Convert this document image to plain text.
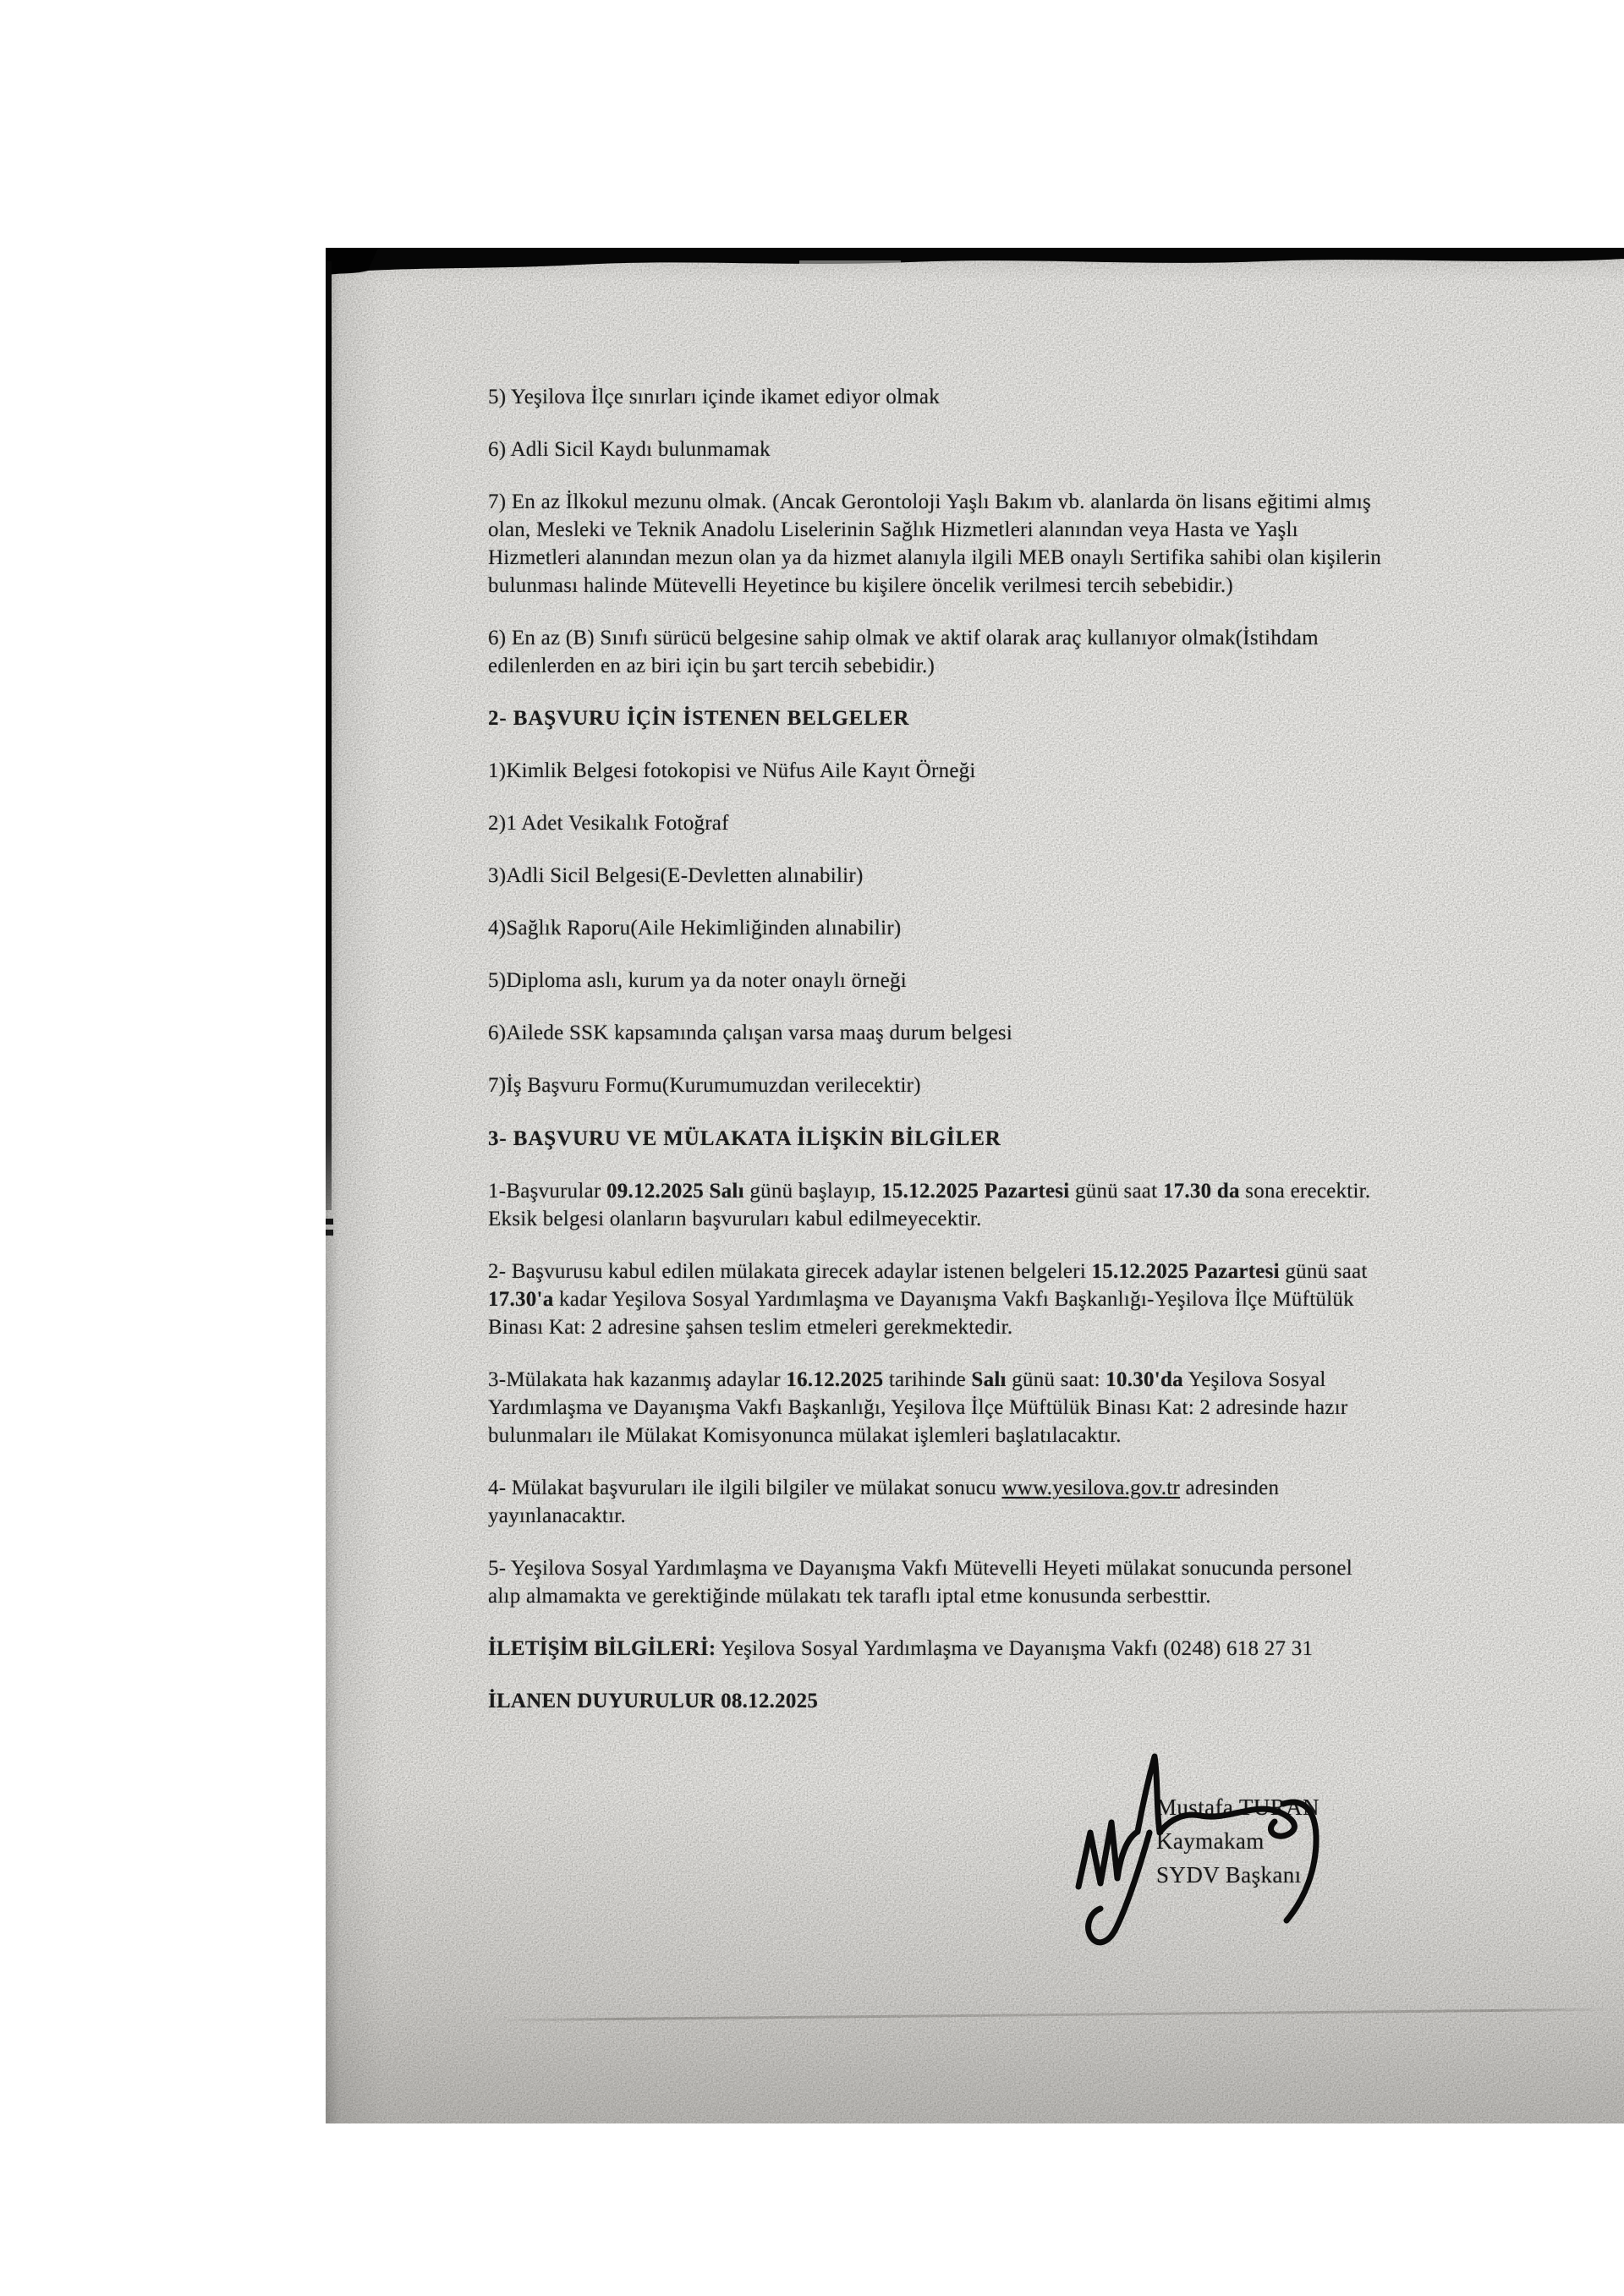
5) Yeşilova İlçe sınırları içinde ikamet ediyor olmak

6) Adli Sicil Kaydı bulunmamak

7) En az İlkokul mezunu olmak. (Ancak Gerontoloji Yaşlı Bakım vb. alanlarda ön lisans eğitimi almış
olan, Mesleki ve Teknik Anadolu Liselerinin Sağlık Hizmetleri alanından veya Hasta ve Yaşlı
Hizmetleri alanından mezun olan ya da hizmet alanıyla ilgili MEB onaylı Sertifika sahibi olan kişilerin
bulunması halinde Mütevelli Heyetince bu kişilere öncelik verilmesi tercih sebebidir.)

6) En az (B) Sınıfı sürücü belgesine sahip olmak ve aktif olarak araç kullanıyor olmak(İstihdam
edilenlerden en az biri için bu şart tercih sebebidir.)

2- BAŞVURU İÇİN İSTENEN BELGELER

1)Kimlik Belgesi fotokopisi ve Nüfus Aile Kayıt Örneği

2)1 Adet Vesikalık Fotoğraf

3)Adli Sicil Belgesi(E-Devletten alınabilir)

4)Sağlık Raporu(Aile Hekimliğinden alınabilir)

5)Diploma aslı, kurum ya da noter onaylı örneği

6)Ailede SSK kapsamında çalışan varsa maaş durum belgesi

7)İş Başvuru Formu(Kurumumuzdan verilecektir)

3- BAŞVURU VE MÜLAKATA İLİŞKİN BİLGİLER

1-Başvurular 09.12.2025 Salı günü başlayıp, 15.12.2025 Pazartesi günü saat 17.30 da sona erecektir.
Eksik belgesi olanların başvuruları kabul edilmeyecektir.

2- Başvurusu kabul edilen mülakata girecek adaylar istenen belgeleri 15.12.2025 Pazartesi günü saat
17.30'a kadar Yeşilova Sosyal Yardımlaşma ve Dayanışma Vakfı Başkanlığı-Yeşilova İlçe Müftülük
Binası Kat: 2 adresine şahsen teslim etmeleri gerekmektedir.

3-Mülakata hak kazanmış adaylar 16.12.2025 tarihinde Salı günü saat: 10.30'da Yeşilova Sosyal
Yardımlaşma ve Dayanışma Vakfı Başkanlığı, Yeşilova İlçe Müftülük Binası Kat: 2 adresinde hazır
bulunmaları ile Mülakat Komisyonunca mülakat işlemleri başlatılacaktır.

4- Mülakat başvuruları ile ilgili bilgiler ve mülakat sonucu www.yesilova.gov.tr adresinden
yayınlanacaktır.

5- Yeşilova Sosyal Yardımlaşma ve Dayanışma Vakfı Mütevelli Heyeti mülakat sonucunda personel
alıp almamakta ve gerektiğinde mülakatı tek taraflı iptal etme konusunda serbesttir.

İLETİŞİM BİLGİLERİ: Yeşilova Sosyal Yardımlaşma ve Dayanışma Vakfı (0248) 618 27 31

İLANEN DUYURULUR 08.12.2025

Mustafa TURAN
Kaymakam
SYDV Başkanı
